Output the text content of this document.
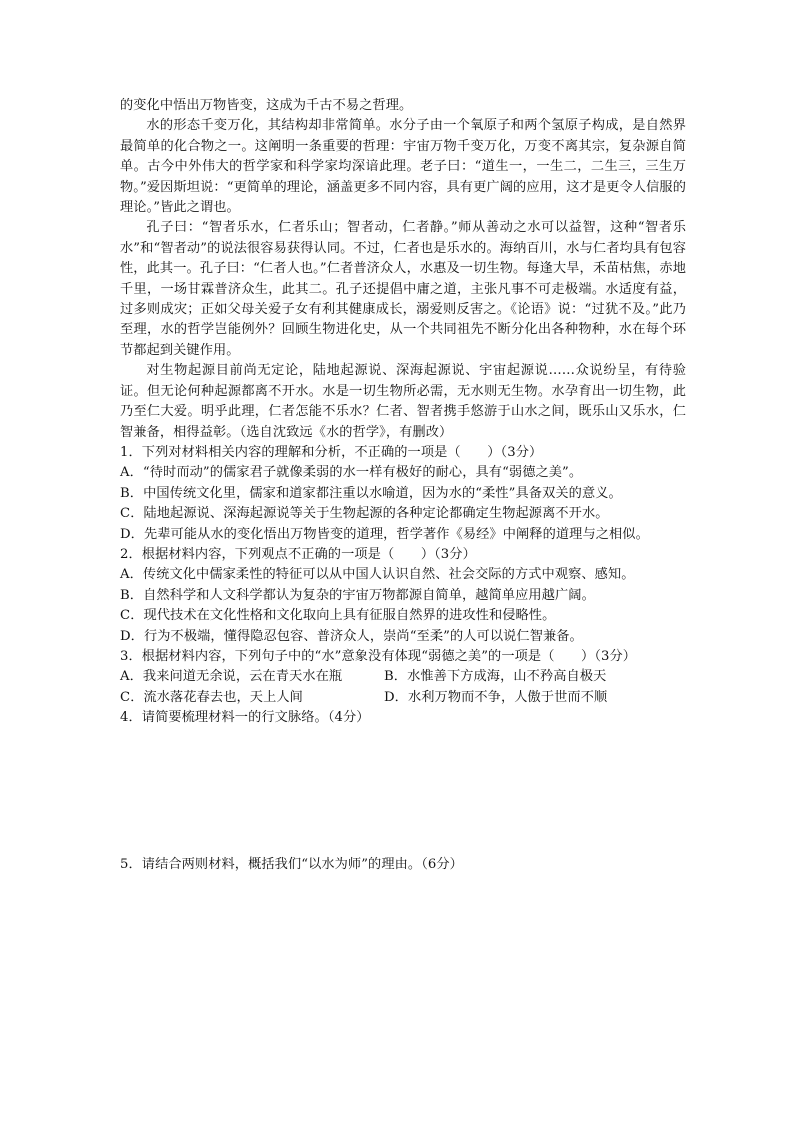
的变化中悟出万物皆变，这成为千古不易之哲理。

水的形态千变万化，其结构却非常简单。水分子由一个氧原子和两个氢原子构成，是自然界最简单的化合物之一。这阐明一条重要的哲理：宇宙万物千变万化，万变不离其宗，复杂源自简单。古今中外伟大的哲学家和科学家均深谙此理。老子曰：“道生一，一生二，二生三，三生万物。”爱因斯坦说：“更简单的理论，涵盖更多不同内容，具有更广阔的应用，这才是更令人信服的理论。”皆此之谓也。

孔子曰：“智者乐水，仁者乐山；智者动，仁者静。”师从善动之水可以益智，这种“智者乐水”和“智者动”的说法很容易获得认同。不过，仁者也是乐水的。海纳百川，水与仁者均具有包容性，此其一。孔子曰：“仁者人也。”仁者普济众人，水惠及一切生物。每逢大旱，禾苗枯焦，赤地千里，一场甘霖普济众生，此其二。孔子还提倡中庸之道，主张凡事不可走极端。水适度有益，过多则成灾；正如父母关爱子女有利其健康成长，溺爱则反害之。《论语》说：“过犹不及。”此乃至理，水的哲学岂能例外？回顾生物进化史，从一个共同祖先不断分化出各种物种，水在每个环节都起到关键作用。

对生物起源目前尚无定论，陆地起源说、深海起源说、宇宙起源说……众说纷呈，有待验证。但无论何种起源都离不开水。水是一切生物所必需，无水则无生物。水孕育出一切生物，此乃至仁大爱。明乎此理，仁者怎能不乐水？仁者、智者携手悠游于山水之间，既乐山又乐水，仁智兼备，相得益彰。（选自沈致远《水的哲学》，有删改）

1．下列对材料相关内容的理解和分析，不正确的一项是（　　）（3分）

A．“待时而动”的儒家君子就像柔弱的水一样有极好的耐心，具有“弱德之美”。

B．中国传统文化里，儒家和道家都注重以水喻道，因为水的“柔性”具备双关的意义。

C．陆地起源说、深海起源说等关于生物起源的各种定论都确定生物起源离不开水。

D．先辈可能从水的变化悟出万物皆变的道理，哲学著作《易经》中阐释的道理与之相似。

2．根据材料内容，下列观点不正确的一项是（　　）（3分）

A．传统文化中儒家柔性的特征可以从中国人认识自然、社会交际的方式中观察、感知。

B．自然科学和人文科学都认为复杂的宇宙万物都源自简单，越简单应用越广阔。

C．现代技术在文化性格和文化取向上具有征服自然界的进攻性和侵略性。

D．行为不极端，懂得隐忍包容、普济众人，崇尚“至柔”的人可以说仁智兼备。

3．根据材料内容，下列句子中的“水”意象没有体现“弱德之美”的一项是（　　）（3分）

A．我来问道无余说，云在青天水在瓶	B．水惟善下方成海，山不矜高自极天
C．流水落花春去也，天上人间	D．水利万物而不争，人傲于世而不顺

4．请简要梳理材料一的行文脉络。（4分）

5．请结合两则材料，概括我们“以水为师”的理由。（6分）
